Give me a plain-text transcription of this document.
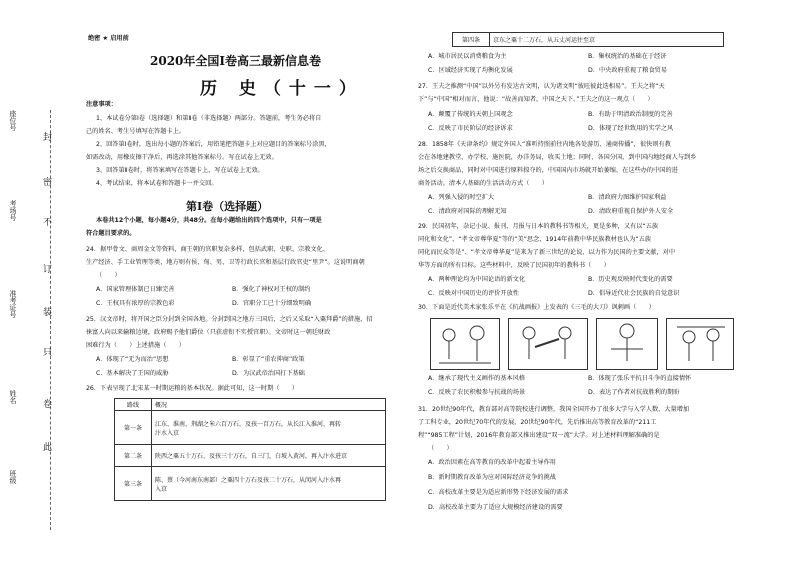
班级
姓名
准考证号
考场号
座位号
封
密
不
订
装
只
卷
此
绝密 ★ 启用前
2020年全国Ⅰ卷高三最新信息卷
历 史（十一）
注意事项：
1、本试卷分第Ⅰ卷（选择题）和第Ⅱ卷（非选择题）两部分。答题前，考生务必将自
己的姓名、考生号填写在答题卡上。
2、回答第Ⅰ卷时，选出每小题的答案后，用铅笔把答题卡上对应题目的答案标号涂黑，
如需改动，用橡皮擦干净后，再选涂其他答案标号。写在试卷上无效。
3、回答第Ⅱ卷时，将答案填写在答题卡上，写在试卷上无效。
4、考试结束，将本试卷和答题卡一并交回。
第Ⅰ卷（选择题）
本卷共12个小题，每小题4分，共48分。在每小题给出的四个选项中，只有一项是
符合题目要求的。
24．据甲骨文、商周金文等资料，商王朝的官职复杂多样，包括武职、史职、宗教文化、
生产经济、手工业管理等类，地方则有侯、甸、男、卫等行政长官和基层行政官吏“里尹”。这说明商朝
（　　）
A．国家管理体制已日臻完善	B．强化了神权对王权的制约
C．王权具有浓厚的宗教色彩	D．官职分工已十分细致明确
25．汉文帝时，将开国之臣分封到全国各地。分封到国之地方三国后，之后又采取“入粟拜爵”的措施，招
徕富人向以来输粮边境，政府赐予他们爵位（只获虚衔不实授官职）。文帝时这一朝廷财政
困难行为（　　）上述措施（　　）
A．体现了“无为而治”思想	B．彰显了“重农抑商”政策
C．基本解决了王国的威胁	D．为汉武帝治国打下基础
26．下表呈现了北宋某一时期运粮的基本状况。据此可知，这一时期（　　）
路线	概况
第一条	江东、淮南、荆湖之米六百万石，及孩一百万石，从长江入淮河，再转
汴水入京

第二条	陕西之粟五十万石、及孩三十万石，自三门，白坡入黄河，再入汴水进京

第三条	陈、蔡（今河南东南部）之粟四十万石及孩二十万石，从闵河入汴水再
入京
第四条	京东之粟十二万石，从五丈河运往至京
A．城市居民以消费粮食为主	B．集权统治的基础在于经济
C．区域经济实现了均衡化发展	D．中央政府重视了粮食贸易
27．王夫之推测“中国”以外另有发达古文明，认为诸文明“彼旺彼此迭相易”。王夫之将“天
下”与“中国”相对而言，他说：“故善而知者，中国之天下。”王夫之的这一观点（　　）
A．颠覆了传统的天朝上国观念	B．有助于明清政治制度的完善
C．反映了市民阶层的经济诉求	D．体现了经世致用的实学之风
28．1858年《天津条约》规定外国人“准听持照前往内地各处游历、通商传播”，很快则有教
会在各地建教堂、办学校、施医院，办洋务局，收买土地；同时，各国分国，到中国内地经商人与到乡
场之后交换商品，同时对中国进行原料掠夺的，中国国内市场就开始萎缩，在这些办的中国的进
商务活动。清本人基础的生活活动方式（　　）
A．列强入侵的时空扩大	B．清政府力图维护国家利益
C．清政府对国际的理解无知	D．清政府重视自保护外人安全
29．民国初年，杂记小说、报刊、月报与日本的教科书等相关，更是多种，又有以“五族
同化和文化”、“孝文帝尊华夏”等的“美”思念，1914年前教中华民族教材也认为“五族
同化而民众等是”、“孝文帝尊华夏”是来为了新三世纪的论说，以力作为民国的主要文献，对中
华等方面的所有目标。这些材料中，反映了民国初年的教科书（　　）
A．两种理论均为中国论语的新文化	B．历史观反映时代变化的需要
C．反映对中国历史的评价开放性	D．倡导近代社会民族的自觉意识
30．下面是近代美术家张乐平在《抗战画报》上发表的《三毛的大刀》讽刺画（　　）
A．继承了现代主义画作的基本风格	B．体现了张乐平抗日斗争的直接情怀
C．反映了农民积极参与抗战的场景	D．表达了作者对抗战胜利的期盼
31．20世纪90年代，教育部对高等院校进行调整，我国全国开办了很多大学与入学人数，大量增加
了工科专业，20世纪70年代的发展，20世纪90年代，先后推出高等教育改革的“211工
程”“985工程”计划，2016年教育部又推出建设“双一流”大学。对上述材料理解准确的是
（　　）
A．政治因素在高等教育的改革中起着主导作用
B．新时期教育改革为应对国际经济竞争的挑战
C．高校改革主要是为适应新形势下经济发展的需求
D．高校改革主要为了适应大规模经济建设的需要
